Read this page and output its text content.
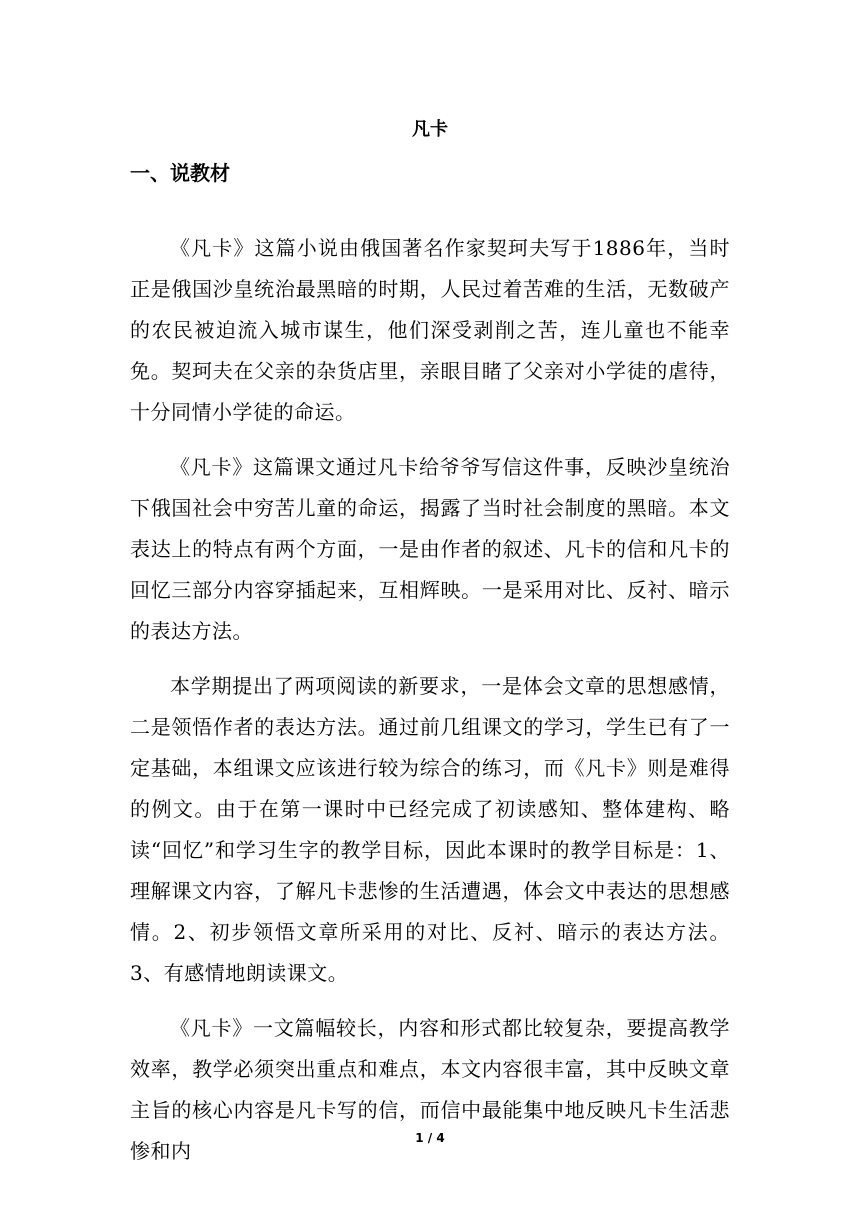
凡卡
一、说教材

《凡卡》这篇小说由俄国著名作家契珂夫写于1886年，当时正是俄国沙皇统治最黑暗的时期，人民过着苦难的生活，无数破产的农民被迫流入城市谋生，他们深受剥削之苦，连儿童也不能幸免。契珂夫在父亲的杂货店里，亲眼目睹了父亲对小学徒的虐待，十分同情小学徒的命运。

《凡卡》这篇课文通过凡卡给爷爷写信这件事，反映沙皇统治下俄国社会中穷苦儿童的命运，揭露了当时社会制度的黑暗。本文表达上的特点有两个方面，一是由作者的叙述、凡卡的信和凡卡的回忆三部分内容穿插起来，互相辉映。一是采用对比、反衬、暗示的表达方法。

本学期提出了两项阅读的新要求，一是体会文章的思想感情，二是领悟作者的表达方法。通过前几组课文的学习，学生已有了一定基础，本组课文应该进行较为综合的练习，而《凡卡》则是难得的例文。由于在第一课时中已经完成了初读感知、整体建构、略读“回忆”和学习生字的教学目标，因此本课时的教学目标是：1、理解课文内容，了解凡卡悲惨的生活遭遇，体会文中表达的思想感情。2、初步领悟文章所采用的对比、反衬、暗示的表达方法。3、有感情地朗读课文。

《凡卡》一文篇幅较长，内容和形式都比较复杂，要提高教学效率，教学必须突出重点和难点，本文内容很丰富，其中反映文章主旨的核心内容是凡卡写的信，而信中最能集中地反映凡卡生活悲惨和内

1 / 4
